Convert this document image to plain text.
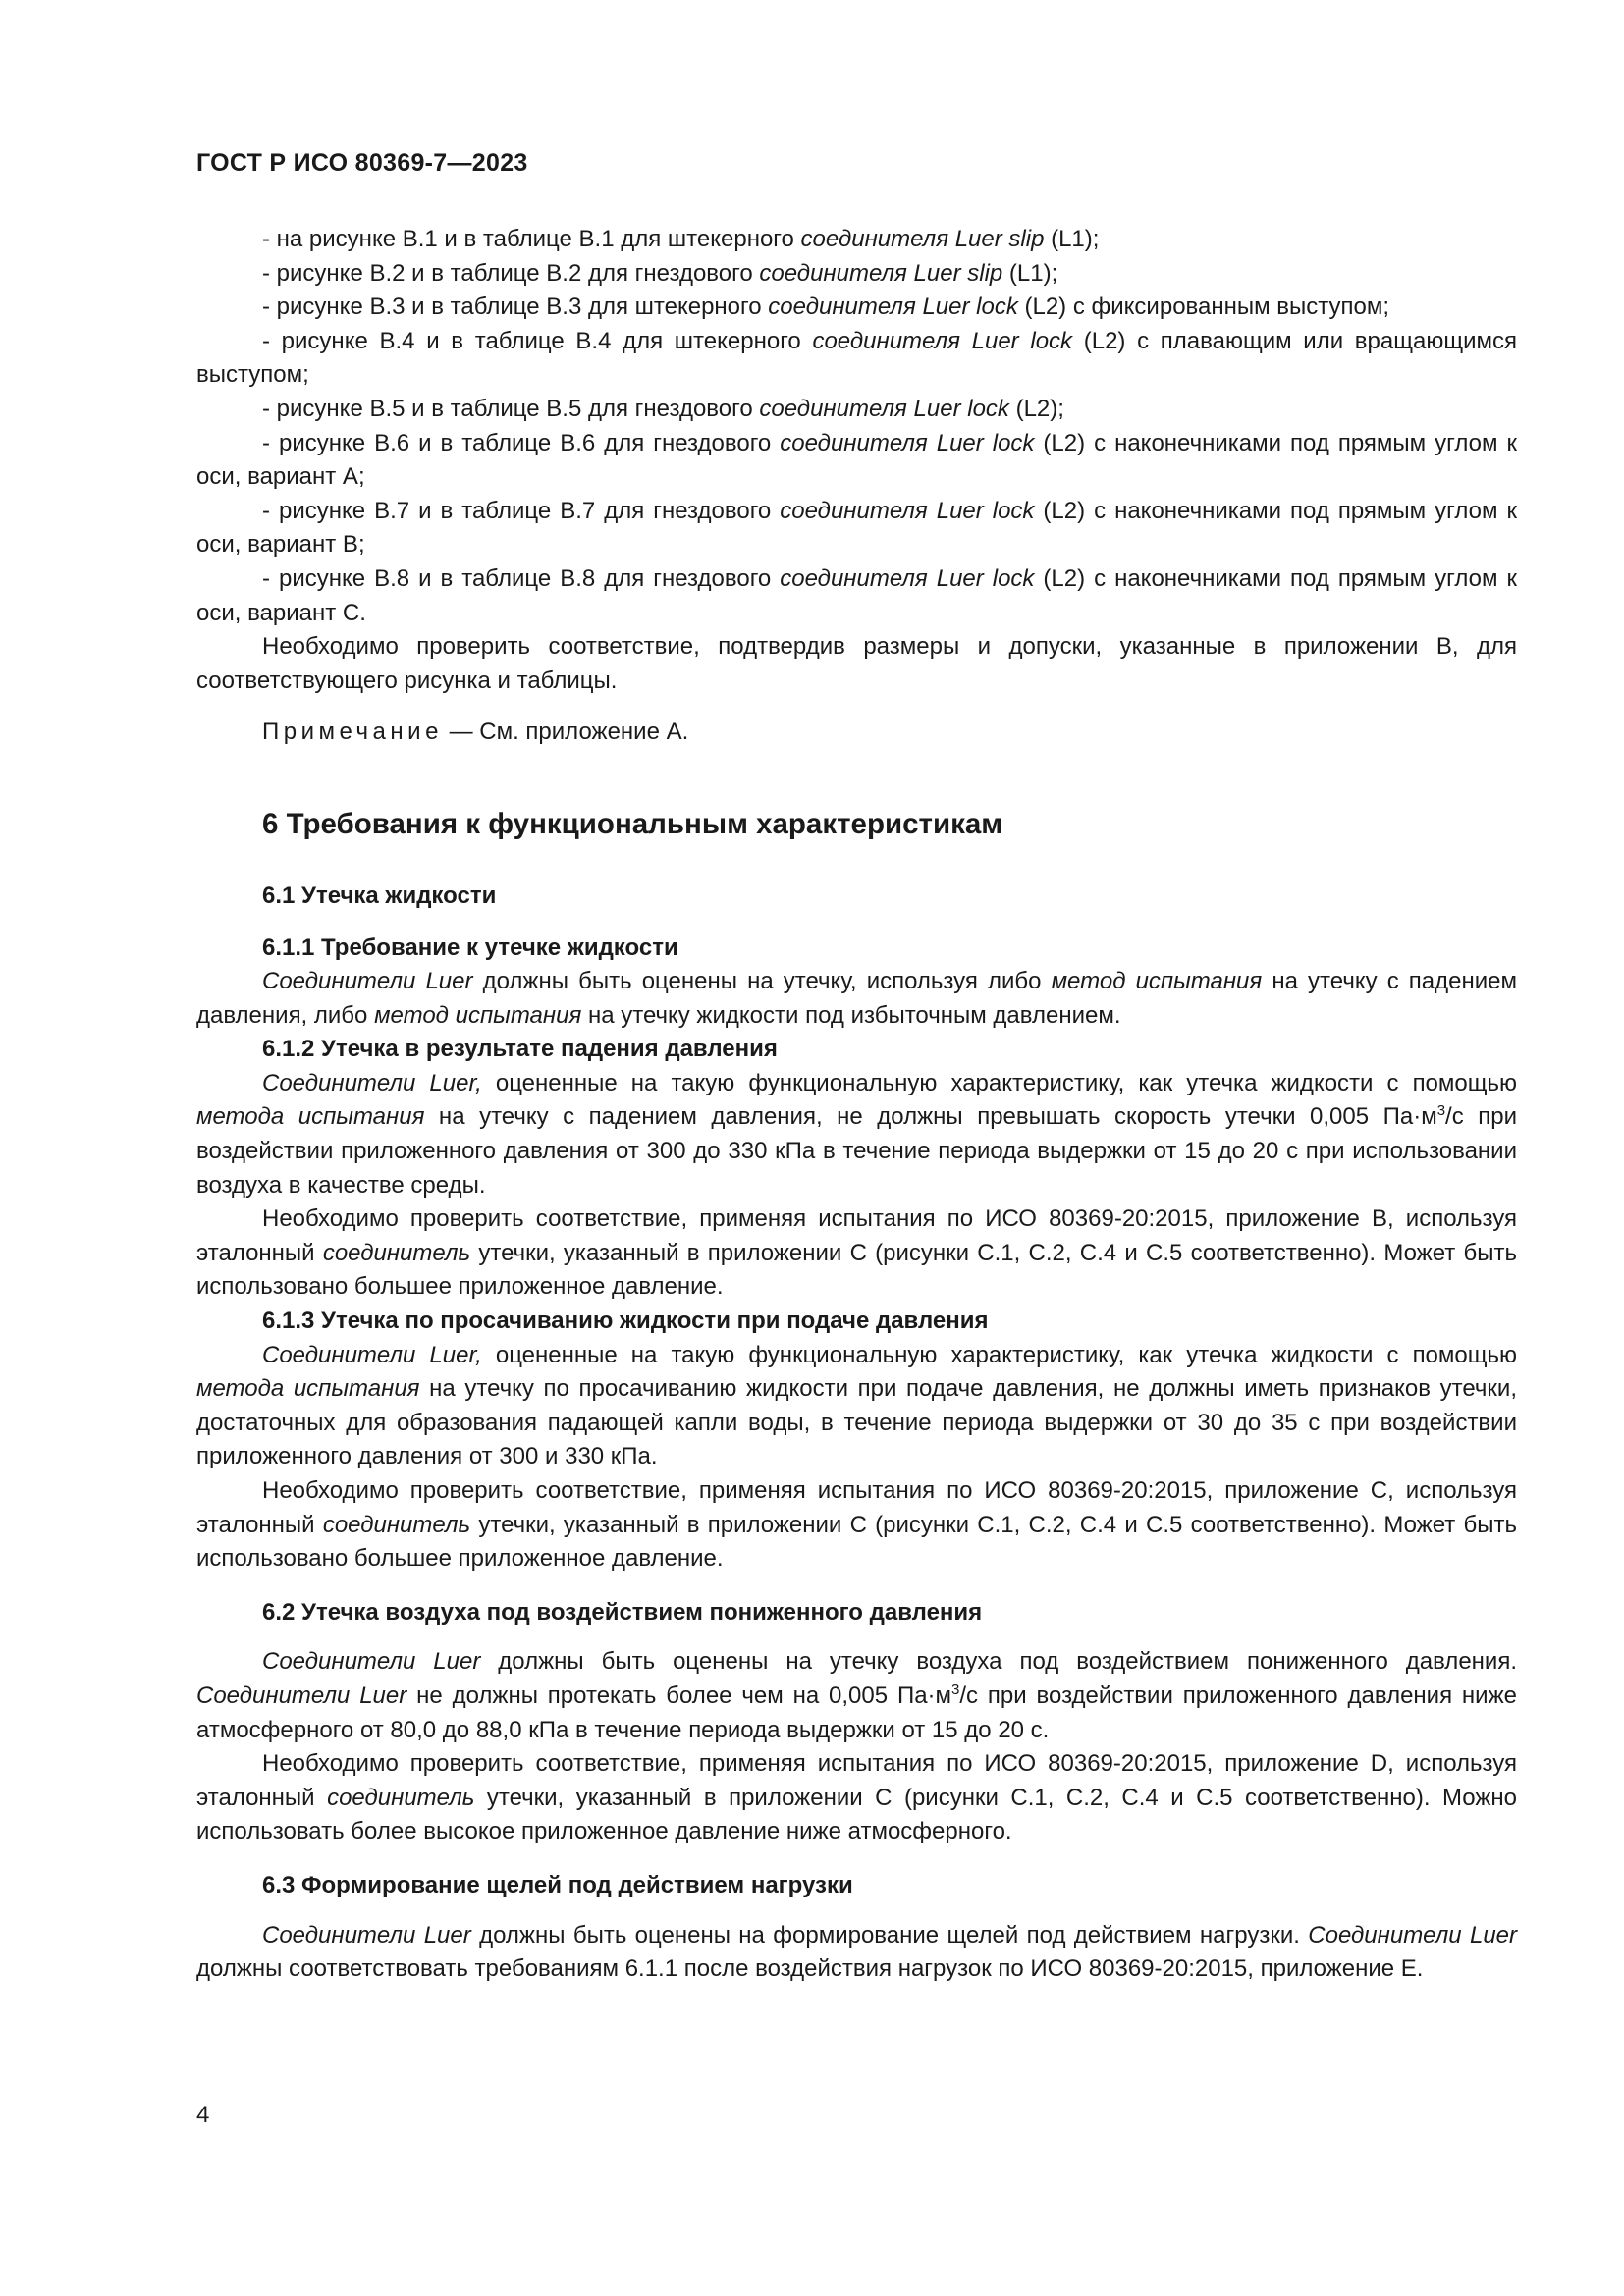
ГОСТ Р ИСО 80369-7—2023

- на рисунке В.1 и в таблице В.1 для штекерного соединителя Luer slip (L1);

- рисунке В.2 и в таблице В.2 для гнездового соединителя Luer slip (L1);

- рисунке В.3 и в таблице В.3 для штекерного соединителя Luer lock (L2) с фиксированным выступом;

- рисунке В.4 и в таблице В.4 для штекерного соединителя Luer lock (L2) с плавающим или вращающимся выступом;

- рисунке В.5 и в таблице В.5 для гнездового соединителя Luer lock (L2);

- рисунке В.6 и в таблице В.6 для гнездового соединителя Luer lock (L2) с наконечниками под прямым углом к оси, вариант А;

- рисунке В.7 и в таблице В.7 для гнездового соединителя Luer lock (L2) с наконечниками под прямым углом к оси, вариант В;

- рисунке В.8 и в таблице В.8 для гнездового соединителя Luer lock (L2) с наконечниками под прямым углом к оси, вариант С.

Необходимо проверить соответствие, подтвердив размеры и допуски, указанные в приложении В, для соответствующего рисунка и таблицы.

Примечание — См. приложение А.

6 Требования к функциональным характеристикам
6.1 Утечка жидкости
6.1.1 Требование к утечке жидкости

Соединители Luer должны быть оценены на утечку, используя либо метод испытания на утечку с падением давления, либо метод испытания на утечку жидкости под избыточным давлением.

6.1.2 Утечка в результате падения давления

Соединители Luer, оцененные на такую функциональную характеристику, как утечка жидкости с помощью метода испытания на утечку с падением давления, не должны превышать скорость утечки 0,005 $Па\cdot м^3/с$ при воздействии приложенного давления от 300 до 330 кПа в течение периода выдержки от 15 до 20 с при использовании воздуха в качестве среды.

Необходимо проверить соответствие, применяя испытания по ИСО 80369-20:2015, приложение В, используя эталонный соединитель утечки, указанный в приложении С (рисунки С.1, С.2, С.4 и С.5 соответственно). Может быть использовано большее приложенное давление.

6.1.3 Утечка по просачиванию жидкости при подаче давления

Соединители Luer, оцененные на такую функциональную характеристику, как утечка жидкости с помощью метода испытания на утечку по просачиванию жидкости при подаче давления, не должны иметь признаков утечки, достаточных для образования падающей капли воды, в течение периода выдержки от 30 до 35 с при воздействии приложенного давления от 300 и 330 кПа.

Необходимо проверить соответствие, применяя испытания по ИСО 80369-20:2015, приложение С, используя эталонный соединитель утечки, указанный в приложении С (рисунки С.1, С.2, С.4 и С.5 соответственно). Может быть использовано большее приложенное давление.

6.2 Утечка воздуха под воздействием пониженного давления

Соединители Luer должны быть оценены на утечку воздуха под воздействием пониженного давления. Соединители Luer не должны протекать более чем на 0,005 $Па\cdot м^3/с$ при воздействии приложенного давления ниже атмосферного от 80,0 до 88,0 кПа в течение периода выдержки от 15 до 20 с.

Необходимо проверить соответствие, применяя испытания по ИСО 80369-20:2015, приложение D, используя эталонный соединитель утечки, указанный в приложении С (рисунки С.1, С.2, С.4 и С.5 соответственно). Можно использовать более высокое приложенное давление ниже атмосферного.

6.3 Формирование щелей под действием нагрузки

Соединители Luer должны быть оценены на формирование щелей под действием нагрузки. Соединители Luer должны соответствовать требованиям 6.1.1 после воздействия нагрузок по ИСО 80369-20:2015, приложение Е.

4
